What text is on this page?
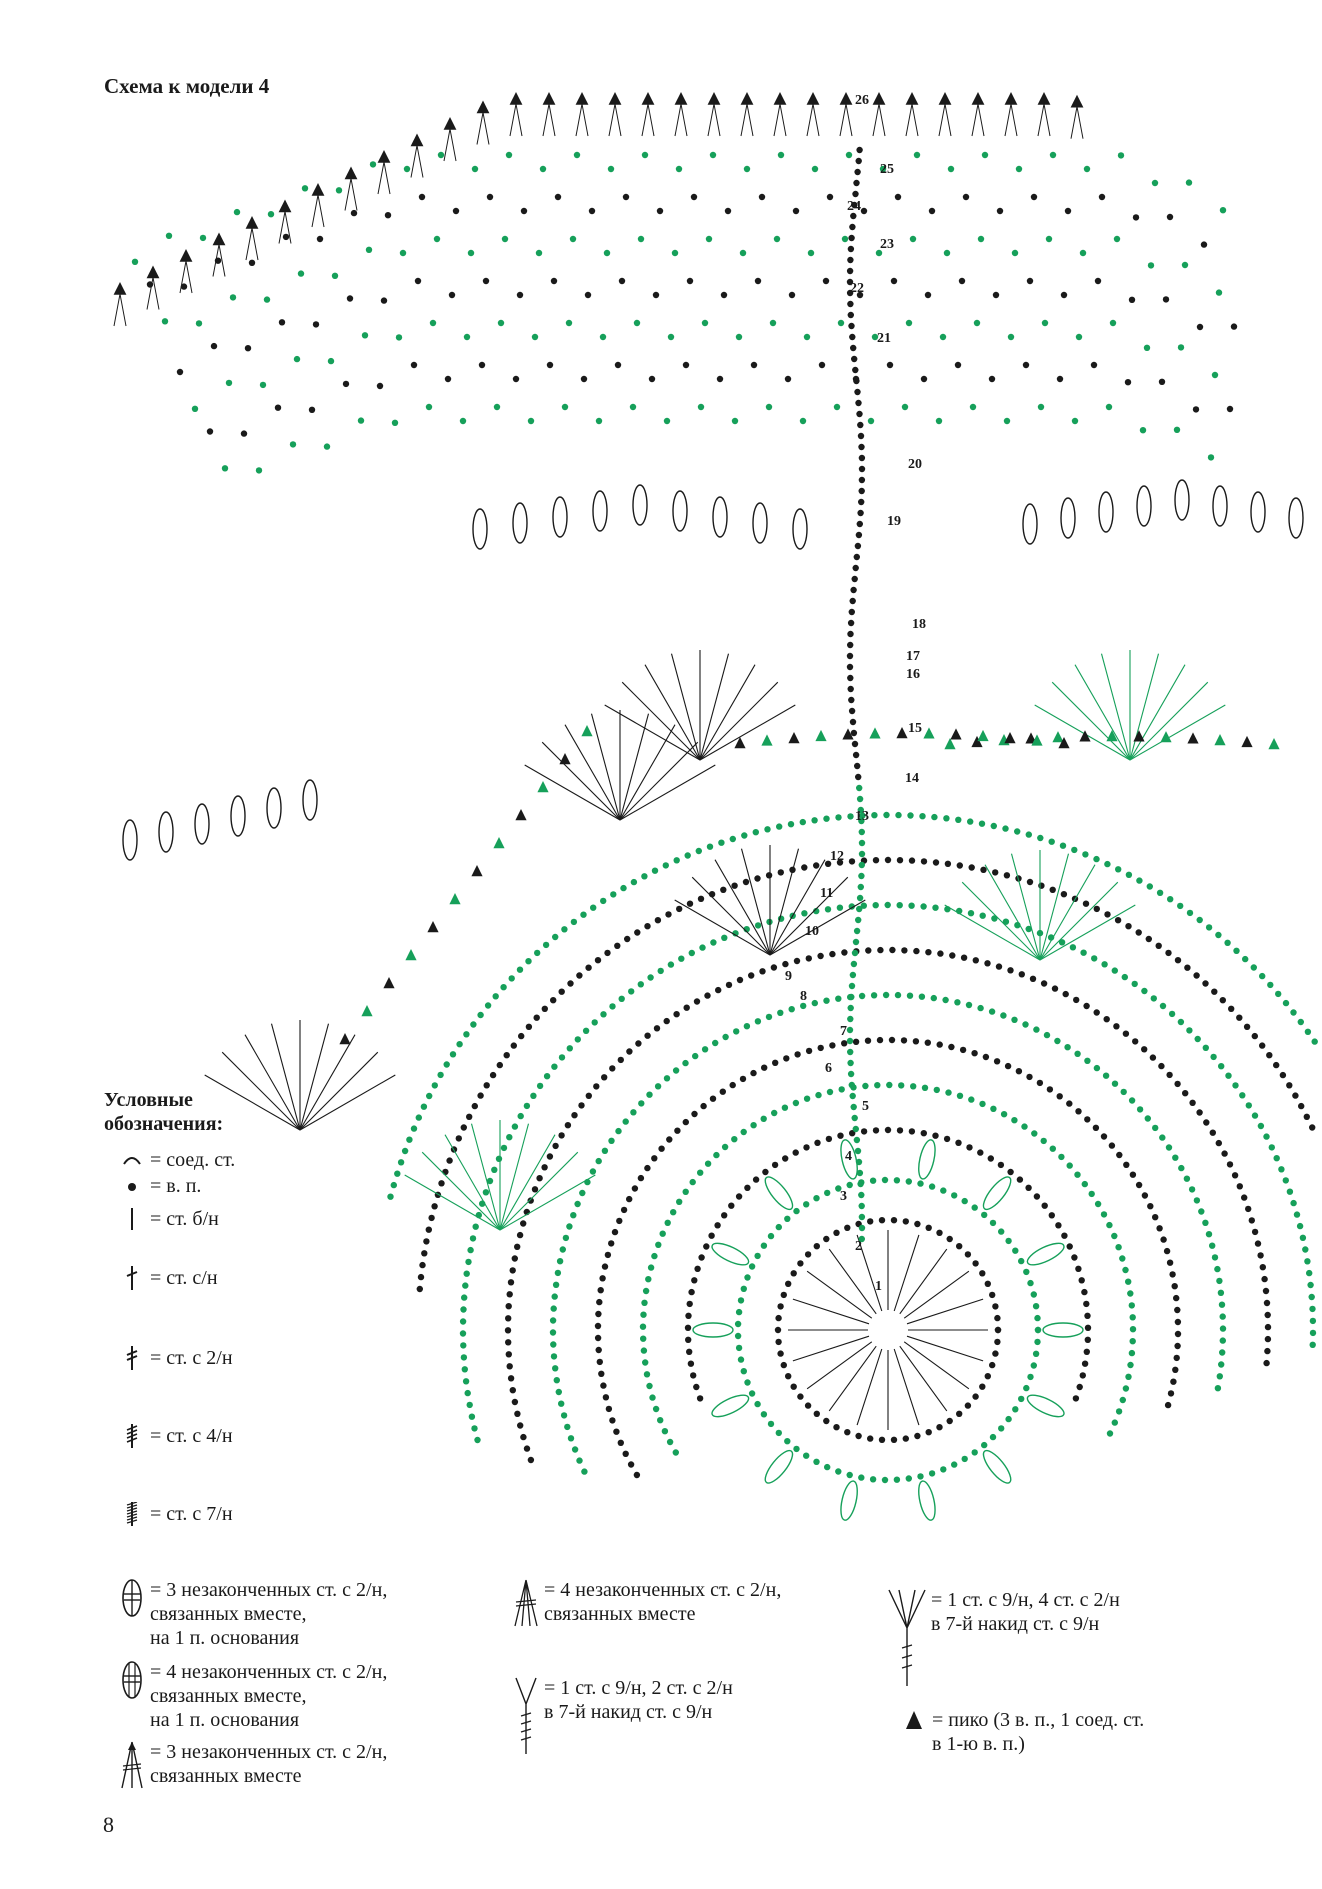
Схема к модели 4
1
2
3
4
5
6
7
8
9
10
11
12
13
14
15
16
17
18
19
20
21
22
23
24
25
26
Условные
обозначения:
= соед. ст.
= в. п.
= ст. б/н
= ст. с/н
= ст. с 2/н
= ст. с 4/н
= ст. с 7/н
= 3 незаконченных ст. с 2/н,
связанных вместе,
на 1 п. основания
= 4 незаконченных ст. с 2/н,
связанных вместе,
на 1 п. основания
= 3 незаконченных ст. с 2/н,
связанных вместе
= 4 незаконченных ст. с 2/н,
связанных вместе
= 1 ст. с 9/н, 2 ст. с 2/н
в 7-й накид ст. с 9/н
= 1 ст. с 9/н, 4 ст. с 2/н
в 7-й накид ст. с 9/н
= пико (3 в. п., 1 соед. ст.
в 1-ю в. п.)
8
